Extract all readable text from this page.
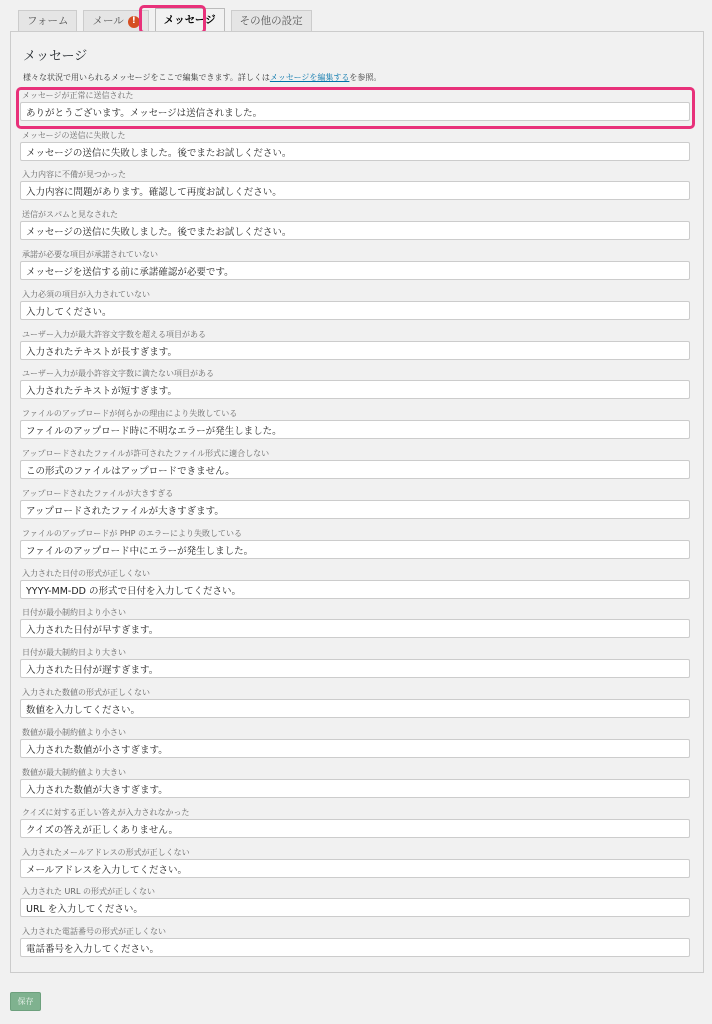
フォーム メール !	メッセージ その他の設定
メッセージ
様々な状況で用いられるメッセージをここで編集できます。詳しくはメッセージを編集するを参照。
メッセージが正常に送信された
ありがとうございます。メッセージは送信されました。
メッセージの送信に失敗した
メッセージの送信に失敗しました。後でまたお試しください。
入力内容に不備が見つかった
入力内容に問題があります。確認して再度お試しください。
送信がスパムと見なされた
メッセージの送信に失敗しました。後でまたお試しください。
承諾が必要な項目が承諾されていない
メッセージを送信する前に承諾確認が必要です。
入力必須の項目が入力されていない
入力してください。
ユーザー入力が最大許容文字数を超える項目がある
入力されたテキストが長すぎます。
ユーザー入力が最小許容文字数に満たない項目がある
入力されたテキストが短すぎます。
ファイルのアップロードが何らかの理由により失敗している
ファイルのアップロード時に不明なエラーが発生しました。
アップロードされたファイルが許可されたファイル形式に適合しない
この形式のファイルはアップロードできません。
アップロードされたファイルが大きすぎる
アップロードされたファイルが大きすぎます。
ファイルのアップロードが PHP のエラーにより失敗している
ファイルのアップロード中にエラーが発生しました。
入力された日付の形式が正しくない
YYYY-MM-DD の形式で日付を入力してください。
日付が最小制約日より小さい
入力された日付が早すぎます。
日付が最大制約日より大きい
入力された日付が遅すぎます。
入力された数値の形式が正しくない
数値を入力してください。
数値が最小制約値より小さい
入力された数値が小さすぎます。
数値が最大制約値より大きい
入力された数値が大きすぎます。
クイズに対する正しい答えが入力されなかった
クイズの答えが正しくありません。
入力されたメールアドレスの形式が正しくない
メールアドレスを入力してください。
入力された URL の形式が正しくない
URL を入力してください。
入力された電話番号の形式が正しくない
電話番号を入力してください。
保存
